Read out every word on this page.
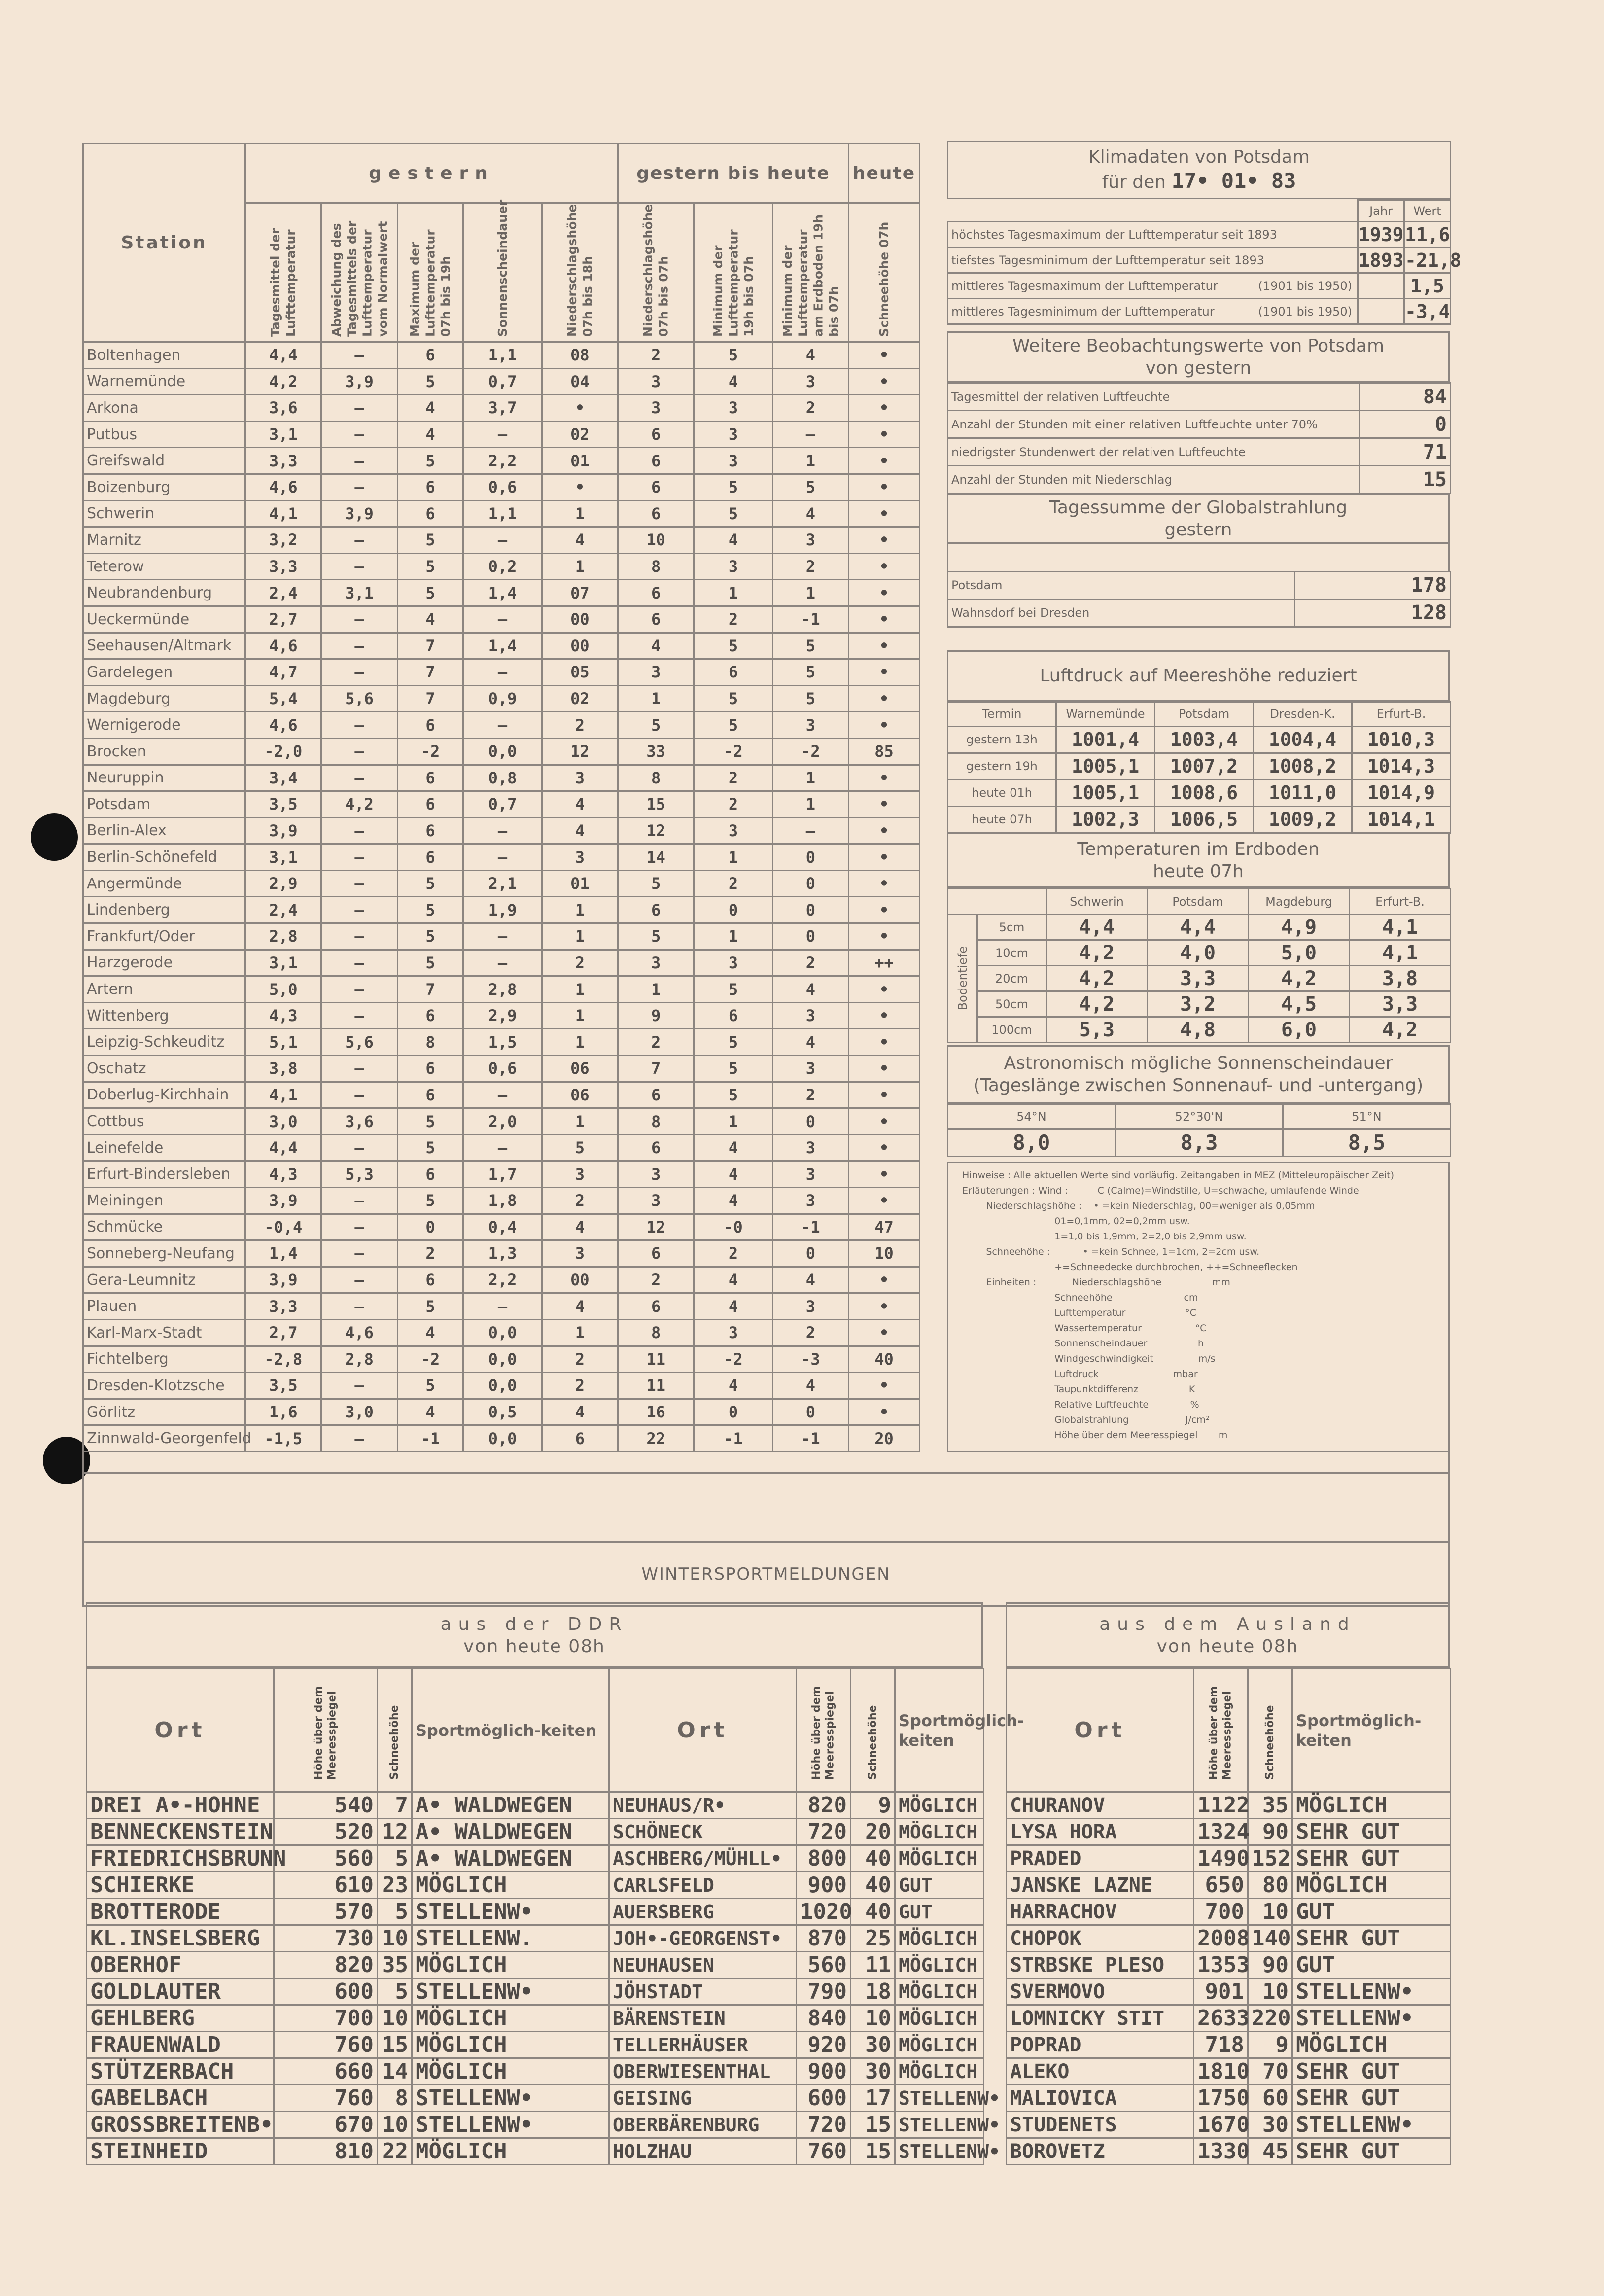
Station	gestern					gestern bis heute			heute

	Tagesmittel der Lufttemperatur	Abweichung des Tagesmittels der Lufttemperatur vom Normalwert	Maximum der Lufttemperatur 07h bis 19h	Sonnenscheindauer	Niederschlagshöhe 07h bis 18h	Niederschlagshöhe 07h bis 07h	Minimum der Lufttemperatur 19h bis 07h	Minimum der Lufttemperatur am Erdboden 19h bis 07h	Schneehöhe 07h

Boltenhagen	4,4	—	6	1,1	08	2	5	4	•
Warnemünde	4,2	3,9	5	0,7	04	3	4	3	•
Arkona	3,6	—	4	3,7	•	3	3	2	•
Putbus	3,1	—	4	—	02	6	3	—	•
Greifswald	3,3	—	5	2,2	01	6	3	1	•
Boizenburg	4,6	—	6	0,6	•	6	5	5	•
Schwerin	4,1	3,9	6	1,1	1	6	5	4	•
Marnitz	3,2	—	5	—	4	10	4	3	•
Teterow	3,3	—	5	0,2	1	8	3	2	•
Neubrandenburg	2,4	3,1	5	1,4	07	6	1	1	•
Ueckermünde	2,7	—	4	—	00	6	2	-1	•
Seehausen/Altmark	4,6	—	7	1,4	00	4	5	5	•
Gardelegen	4,7	—	7	—	05	3	6	5	•
Magdeburg	5,4	5,6	7	0,9	02	1	5	5	•
Wernigerode	4,6	—	6	—	2	5	5	3	•
Brocken	-2,0	—	-2	0,0	12	33	-2	-2	85
Neuruppin	3,4	—	6	0,8	3	8	2	1	•
Potsdam	3,5	4,2	6	0,7	4	15	2	1	•
Berlin-Alex	3,9	—	6	—	4	12	3	—	•
Berlin-Schönefeld	3,1	—	6	—	3	14	1	0	•
Angermünde	2,9	—	5	2,1	01	5	2	0	•
Lindenberg	2,4	—	5	1,9	1	6	0	0	•
Frankfurt/Oder	2,8	—	5	—	1	5	1	0	•
Harzgerode	3,1	—	5	—	2	3	3	2	++
Artern	5,0	—	7	2,8	1	1	5	4	•
Wittenberg	4,3	—	6	2,9	1	9	6	3	•
Leipzig-Schkeuditz	5,1	5,6	8	1,5	1	2	5	4	•
Oschatz	3,8	—	6	0,6	06	7	5	3	•
Doberlug-Kirchhain	4,1	—	6	—	06	6	5	2	•
Cottbus	3,0	3,6	5	2,0	1	8	1	0	•
Leinefelde	4,4	—	5	—	5	6	4	3	•
Erfurt-Bindersleben	4,3	5,3	6	1,7	3	3	4	3	•
Meiningen	3,9	—	5	1,8	2	3	4	3	•
Schmücke	-0,4	—	0	0,4	4	12	-0	-1	47
Sonneberg-Neufang	1,4	—	2	1,3	3	6	2	0	10
Gera-Leumnitz	3,9	—	6	2,2	00	2	4	4	•
Plauen	3,3	—	5	—	4	6	4	3	•
Karl-Marx-Stadt	2,7	4,6	4	0,0	1	8	3	2	•
Fichtelberg	-2,8	2,8	-2	0,0	2	11	-2	-3	40
Dresden-Klotzsche	3,5	—	5	0,0	2	11	4	4	•
Görlitz	1,6	3,0	4	0,5	4	16	0	0	•
Zinnwald-Georgenfeld	-1,5	—	-1	0,0	6	22	-1	-1	20
Klimadaten von Potsdam
für den 17• 01• 83
	Jahr	Wert
höchstes Tagesmaximum der Lufttemperatur seit 1893	1939	11,6
tiefstes Tagesminimum der Lufttemperatur seit 1893	1893	-21,8
mittleres Tagesmaximum der Lufttemperatur (1901 bis 1950)		1,5
mittleres Tagesminimum der Lufttemperatur (1901 bis 1950)		-3,4
Weitere Beobachtungswerte von Potsdam
von gestern
Tagesmittel der relativen Luftfeuchte	84
Anzahl der Stunden mit einer relativen Luftfeuchte unter 70%	0
niedrigster Stundenwert der relativen Luftfeuchte	71
Anzahl der Stunden mit Niederschlag	15
Tagessumme der Globalstrahlung
gestern

Potsdam	178
Wahnsdorf bei Dresden	128
Luftdruck auf Meereshöhe reduziert
Termin	Warnemünde	Potsdam	Dresden-K.	Erfurt-B.
gestern 13h	1001,4	1003,4	1004,4	1010,3
gestern 19h	1005,1	1007,2	1008,2	1014,3
heute 01h	1005,1	1008,6	1011,0	1014,9
heute 07h	1002,3	1006,5	1009,2	1014,1
Temperaturen im Erdboden
heute 07h
		Schwerin	Potsdam	Magdeburg	Erfurt-B.

Bodentiefe	5cm	4,4	4,4	4,9	4,1
	10cm	4,2	4,0	5,0	4,1
	20cm	4,2	3,3	4,2	3,8
	50cm	4,2	3,2	4,5	3,3
	100cm	5,3	4,8	6,0	4,2
Astronomisch mögliche Sonnenscheindauer
(Tageslänge zwischen Sonnenauf- und -untergang)
54°N	52°30'N	51°N
8,0	8,3	8,5
Hinweise : Alle aktuellen Werte sind vorläufig. Zeitangaben in MEZ (Mitteleuropäischer Zeit)
Erläuterungen : Wind :          C (Calme)=Windstille, U=schwache, umlaufende Winde
Niederschlagshöhe :    • =kein Niederschlag, 00=weniger als 0,05mm
01=0,1mm, 02=0,2mm usw.
1=1,0 bis 1,9mm, 2=2,0 bis 2,9mm usw.
Schneehöhe :           • =kein Schnee, 1=1cm, 2=2cm usw.
+=Schneedecke durchbrochen, ++=Schneeflecken
Einheiten :            Niederschlagshöhe                 mm
Schneehöhe                        cm
Lufttemperatur                    °C
Wassertemperatur                  °C
Sonnenscheindauer                 h
Windgeschwindigkeit               m/s
Luftdruck                         mbar
Taupunktdifferenz                 K
Relative Luftfeuchte              %
Globalstrahlung                   J/cm²
Höhe über dem Meeresspiegel       m
WINTERSPORTMELDUNGEN
aus der DDR
von heute 08h
Ort	Höhe über dem Meeresspiegel	Schneehöhe	Sportmöglich-keiten	Ort	Höhe über dem Meeresspiegel	Schneehöhe	Sportmöglich-keiten
DREI A•-HOHNE	540	7	A• WALDWEGEN	NEUHAUS/R•	820	9	MÖGLICH
BENNECKENSTEIN	520	12	A• WALDWEGEN	SCHÖNECK	720	20	MÖGLICH
FRIEDRICHSBRUNN	560	5	A• WALDWEGEN	ASCHBERG/MÜHLL•	800	40	MÖGLICH
SCHIERKE	610	23	MÖGLICH	CARLSFELD	900	40	GUT
BROTTERODE	570	5	STELLENW•	AUERSBERG	1020	40	GUT
KL.INSELSBERG	730	10	STELLENW.	JOH•-GEORGENST•	870	25	MÖGLICH
OBERHOF	820	35	MÖGLICH	NEUHAUSEN	560	11	MÖGLICH
GOLDLAUTER	600	5	STELLENW•	JÖHSTADT	790	18	MÖGLICH
GEHLBERG	700	10	MÖGLICH	BÄRENSTEIN	840	10	MÖGLICH
FRAUENWALD	760	15	MÖGLICH	TELLERHÄUSER	920	30	MÖGLICH
STÜTZERBACH	660	14	MÖGLICH	OBERWIESENTHAL	900	30	MÖGLICH
GABELBACH	760	8	STELLENW•	GEISING	600	17	STELLENW•
GROSSBREITENB•	670	10	STELLENW•	OBERBÄRENBURG	720	15	STELLENW•
STEINHEID	810	22	MÖGLICH	HOLZHAU	760	15	STELLENW•
aus dem Ausland
von heute 08h
Ort	Höhe über dem Meeresspiegel	Schneehöhe	Sportmöglich-keiten
CHURANOV	1122	35	MÖGLICH
LYSA HORA	1324	90	SEHR GUT
PRADED	1490	152	SEHR GUT
JANSKE LAZNE	650	80	MÖGLICH
HARRACHOV	700	10	GUT
CHOPOK	2008	140	SEHR GUT
STRBSKE PLESO	1353	90	GUT
SVERMOVO	901	10	STELLENW•
LOMNICKY STIT	2633	220	STELLENW•
POPRAD	718	9	MÖGLICH
ALEKO	1810	70	SEHR GUT
MALIOVICA	1750	60	SEHR GUT
STUDENETS	1670	30	STELLENW•
BOROVETZ	1330	45	SEHR GUT
